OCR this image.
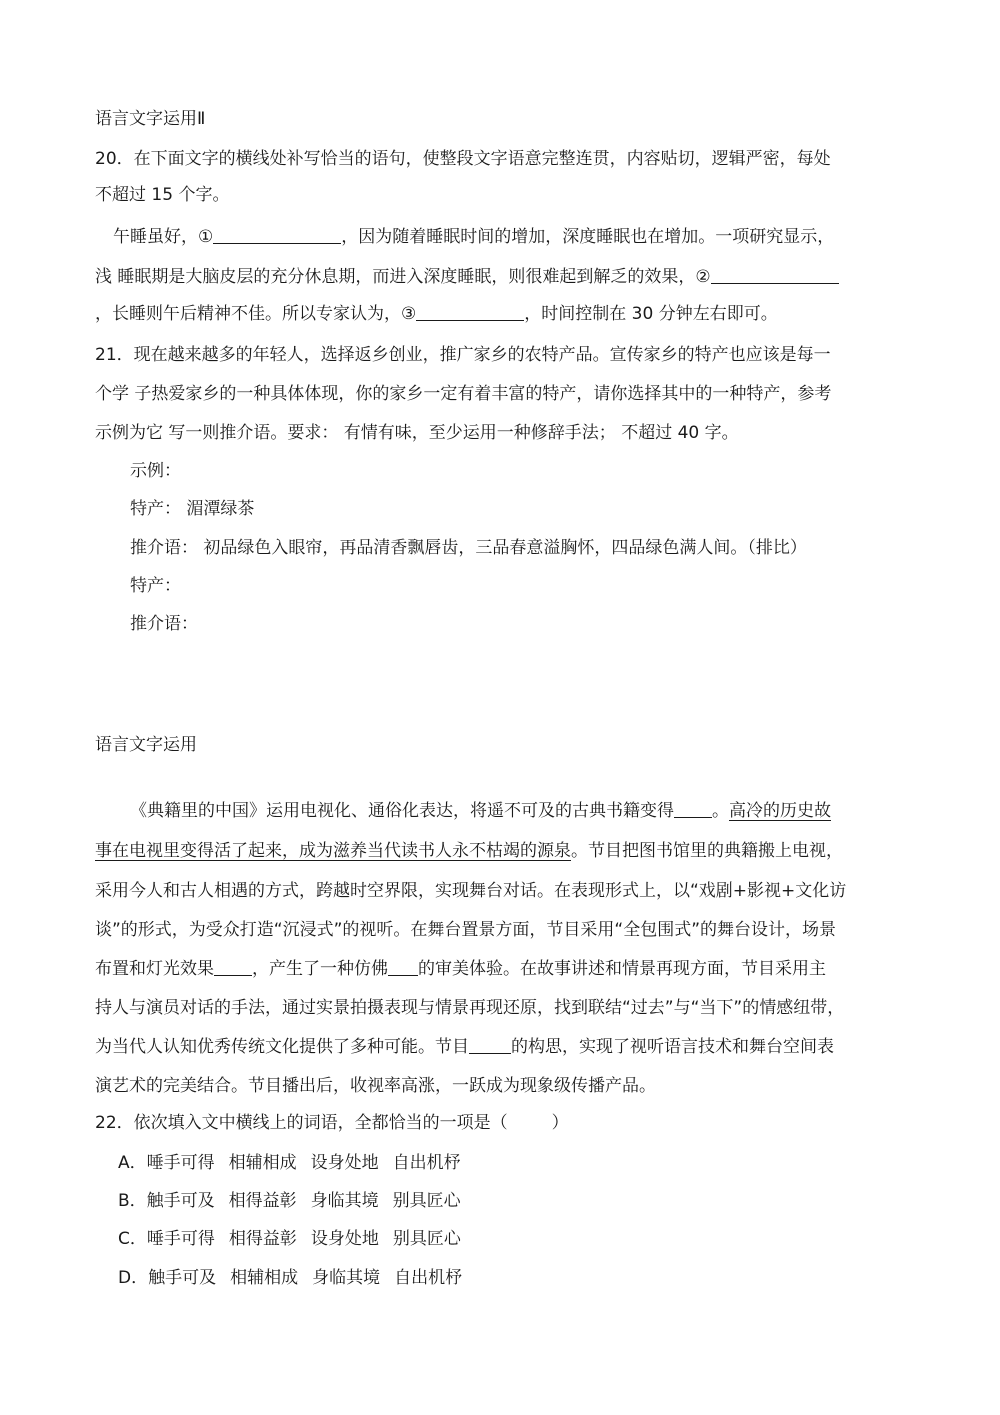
语言文字运用Ⅱ
20．在下面文字的横线处补写恰当的语句，使整段文字语意完整连贯，内容贴切，逻辑严密，每处
不超过 15 个字。
午睡虽好，①	，因为随着睡眠时间的增加，深度睡眠也在增加。一项研究显示，
浅 睡眠期是大脑皮层的充分休息期，而进入深度睡眠，则很难起到解乏的效果，②
，长睡则午后精神不佳。所以专家认为，③	，时间控制在 30 分钟左右即可。
21．现在越来越多的年轻人，选择返乡创业，推广家乡的农特产品。宣传家乡的特产也应该是每一
个学 子热爱家乡的一种具体体现，你的家乡一定有着丰富的特产，请你选择其中的一种特产，参考
示例为它 写一则推介语。要求： 有情有味，至少运用一种修辞手法； 不超过 40 字。
示例：
特产： 湄潭绿茶
推介语： 初品绿色入眼帘，再品清香飘唇齿，三品春意溢胸怀，四品绿色满人间。（排比）
特产：
推介语：
语言文字运用
《典籍里的中国》运用电视化、通俗化表达，将遥不可及的古典书籍变得 。高冷的历史故
事在电视里变得活了起来，成为滋养当代读书人永不枯竭的源泉。节目把图书馆里的典籍搬上电视，
采用今人和古人相遇的方式，跨越时空界限，实现舞台对话。在表现形式上，以“戏剧+影视+文化访
谈”的形式，为受众打造“沉浸式”的视听。在舞台置景方面，节目采用“全包围式”的舞台设计，场景
布置和灯光效果 ，产生了一种仿佛 的审美体验。在故事讲述和情景再现方面，节目采用主
持人与演员对话的手法，通过实景拍摄表现与情景再现还原，找到联结“过去”与“当下”的情感纽带，
为当代人认知优秀传统文化提供了多种可能。节目 的构思，实现了视听语言技术和舞台空间表
演艺术的完美结合。节目播出后，收视率高涨，一跃成为现象级传播产品。
22．依次填入文中横线上的词语，全都恰当的一项是（	）
A．唾手可得 相辅相成 设身处地 自出机杼
B．触手可及 相得益彰 身临其境 别具匠心
C．唾手可得 相得益彰 设身处地 别具匠心
D．触手可及 相辅相成 身临其境 自出机杼
